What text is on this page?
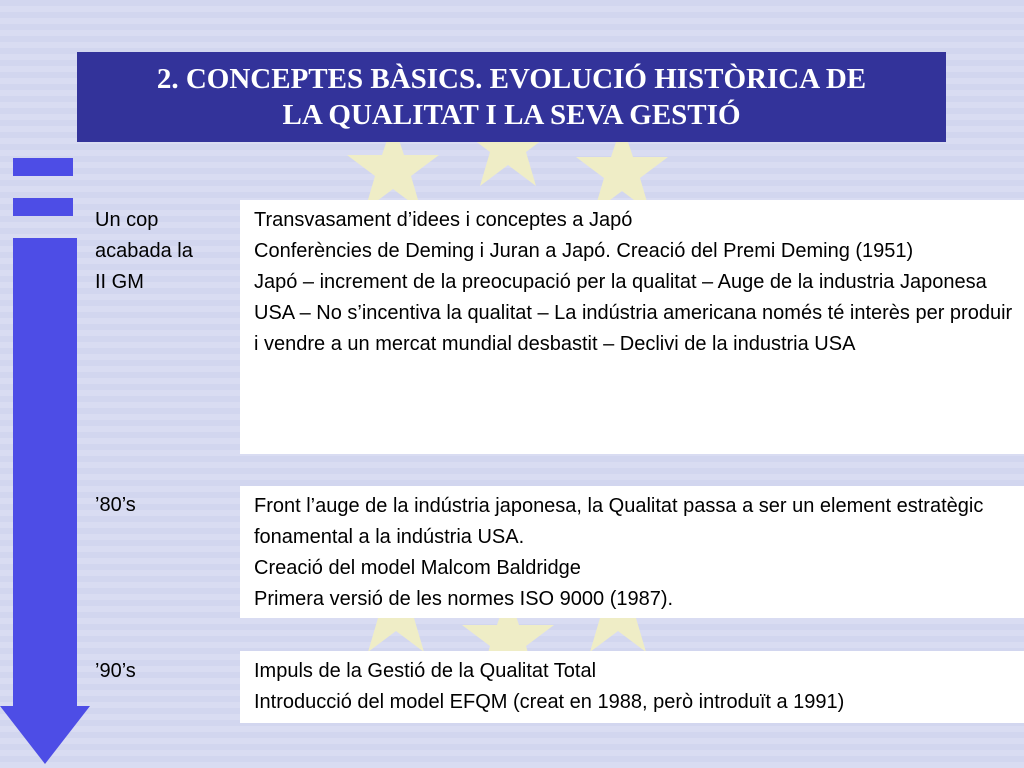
2. CONCEPTES BÀSICS. EVOLUCIÓ HISTÒRICA DE
LA QUALITAT I LA SEVA GESTIÓ
Un cop
acabada la
II GM
Transvasament d’idees i conceptes a Japó
Conferències de Deming i Juran a Japó. Creació del Premi Deming (1951)
Japó – increment de la preocupació per la qualitat – Auge de la industria Japonesa
USA – No s’incentiva la qualitat – La indústria americana només té interès per produir i vendre a un mercat mundial desbastit – Declivi de la industria USA
’80’s	Front l’auge de la indústria japonesa, la Qualitat passa a ser un element estratègic fonamental a la indústria USA.
Creació del model Malcom Baldridge
Primera versió de les normes ISO 9000 (1987).
’90’s	Impuls de la Gestió de la Qualitat Total
Introducció del model EFQM (creat en 1988, però introduït a 1991)
